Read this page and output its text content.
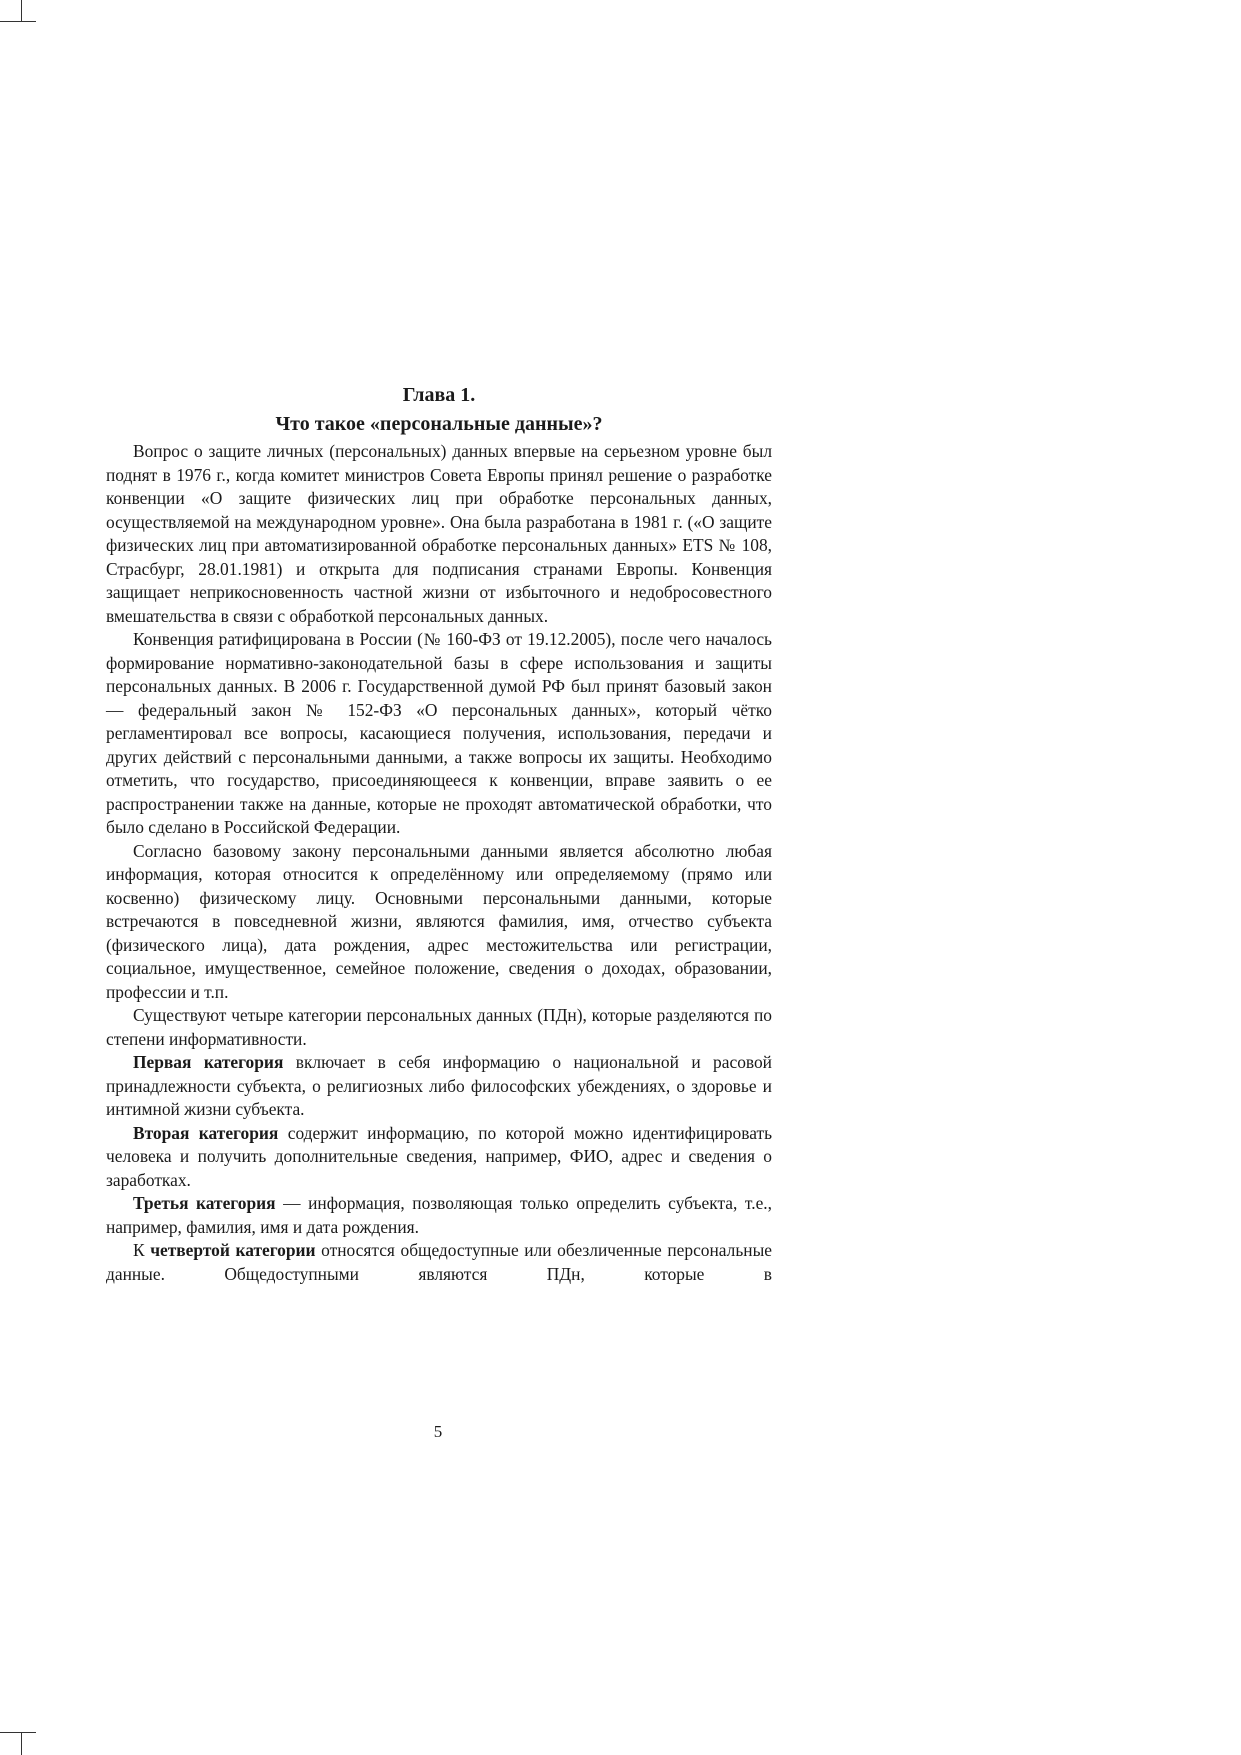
Глава 1.
Что такое «персональные данные»?

Вопрос о защите личных (персональных) данных впервые на серьезном уровне был поднят в 1976 г., когда комитет министров Совета Европы принял решение о разработке конвенции «О защите физических лиц при обработке персональных данных, осуществляемой на международном уровне». Она была разработана в 1981 г. («О защите физических лиц при автоматизированной обработке персональных данных» ETS № 108, Страсбург, 28.01.1981) и открыта для подписания странами Европы. Конвенция защищает неприкосновенность частной жизни от избыточного и недобросовестного вмешательства в связи с обработкой персональных данных.

Конвенция ратифицирована в России (№ 160-ФЗ от 19.12.2005), после чего началось формирование нормативно-законодательной базы в сфере использования и защиты персональных данных. В 2006 г. Государственной думой РФ был принят базовый закон — федеральный закон № 152-ФЗ «О персональных данных», который чётко регламентировал все вопросы, касающиеся получения, использования, передачи и других действий с персональными данными, а также вопросы их защиты. Необходимо отметить, что государство, присоединяющееся к конвенции, вправе заявить о ее распространении также на данные, которые не проходят автоматической обработки, что было сделано в Российской Федерации.

Согласно базовому закону персональными данными является абсолютно любая информация, которая относится к определённому или определяемому (прямо или косвенно) физическому лицу. Основными персональными данными, которые встречаются в повседневной жизни, являются фамилия, имя, отчество субъекта (физического лица), дата рождения, адрес местожительства или регистрации, социальное, имущественное, семейное положение, сведения о доходах, образовании, профессии и т.п.

Существуют четыре категории персональных данных (ПДн), которые разделяются по степени информативности.

Первая категория включает в себя информацию о национальной и расовой принадлежности субъекта, о религиозных либо философских убеждениях, о здоровье и интимной жизни субъекта.

Вторая категория содержит информацию, по которой можно идентифицировать человека и получить дополнительные сведения, например, ФИО, адрес и сведения о заработках.

Третья категория — информация, позволяющая только определить субъекта, т.е., например, фамилия, имя и дата рождения.

К четвертой категории относятся общедоступные или обезличенные персональные данные. Общедоступными являются ПДн, которые в

5
